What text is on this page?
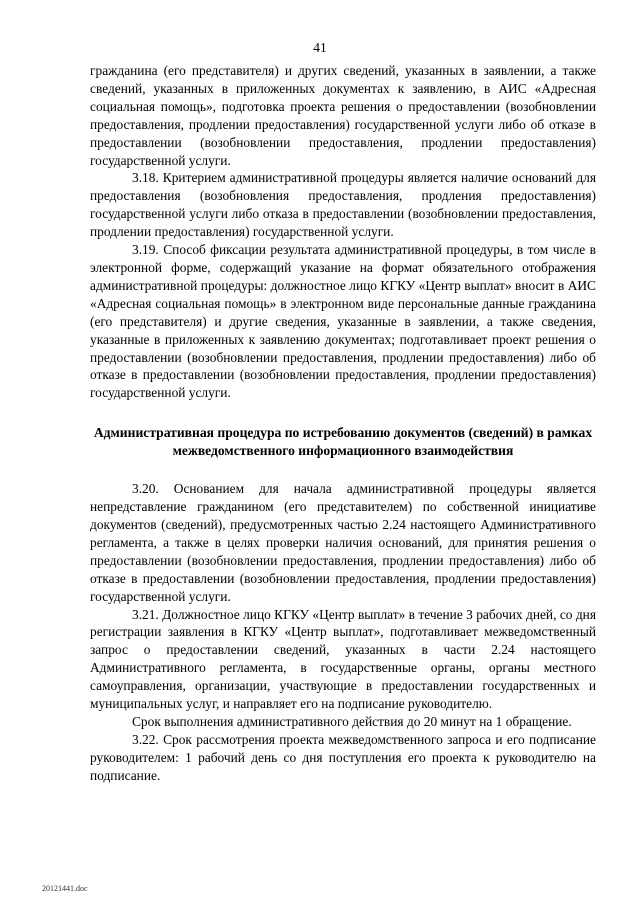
41

гражданина (его представителя) и других сведений, указанных в заявлении, а также сведений, указанных в приложенных документах к заявлению, в АИС «Адресная социальная помощь», подготовка проекта решения о предоставлении (возобновлении предоставления, продлении предоставления) государственной услуги либо об отказе в предоставлении (возобновлении предоставления, продлении предоставления) государственной услуги.

3.18. Критерием административной процедуры является наличие оснований для предоставления (возобновления предоставления, продления предоставления) государственной услуги либо отказа в предоставлении (возобновлении предоставления, продлении предоставления) государственной услуги.

3.19. Способ фиксации результата административной процедуры, в том числе в электронной форме, содержащий указание на формат обязательного отображения административной процедуры: должностное лицо КГКУ «Центр выплат» вносит в АИС «Адресная социальная помощь» в электронном виде персональные данные гражданина (его представителя) и другие сведения, указанные в заявлении, а также сведения, указанные в приложенных к заявлению документах; подготавливает проект решения о предоставлении (возобновлении предоставления, продлении предоставления) либо об отказе в предоставлении (возобновлении предоставления, продлении предоставления) государственной услуги.

Административная процедура по истребованию документов (сведений) в рамках межведомственного информационного взаимодействия

3.20. Основанием для начала административной процедуры является непредставление гражданином (его представителем) по собственной инициативе документов (сведений), предусмотренных частью 2.24 настоящего Административного регламента, а также в целях проверки наличия оснований, для принятия решения о предоставлении (возобновлении предоставления, продлении предоставления) либо об отказе в предоставлении (возобновлении предоставления, продлении предоставления) государственной услуги.

3.21. Должностное лицо КГКУ «Центр выплат» в течение 3 рабочих дней, со дня регистрации заявления в КГКУ «Центр выплат», подготавливает межведомственный запрос о предоставлении сведений, указанных в части 2.24 настоящего Административного регламента, в государственные органы, органы местного самоуправления, организации, участвующие в предоставлении государственных и муниципальных услуг, и направляет его на подписание руководителю.

Срок выполнения административного действия до 20 минут на 1 обращение.

3.22. Срок рассмотрения проекта межведомственного запроса и его подписание руководителем: 1 рабочий день со дня поступления его проекта к руководителю на подписание.

20121441.doc
